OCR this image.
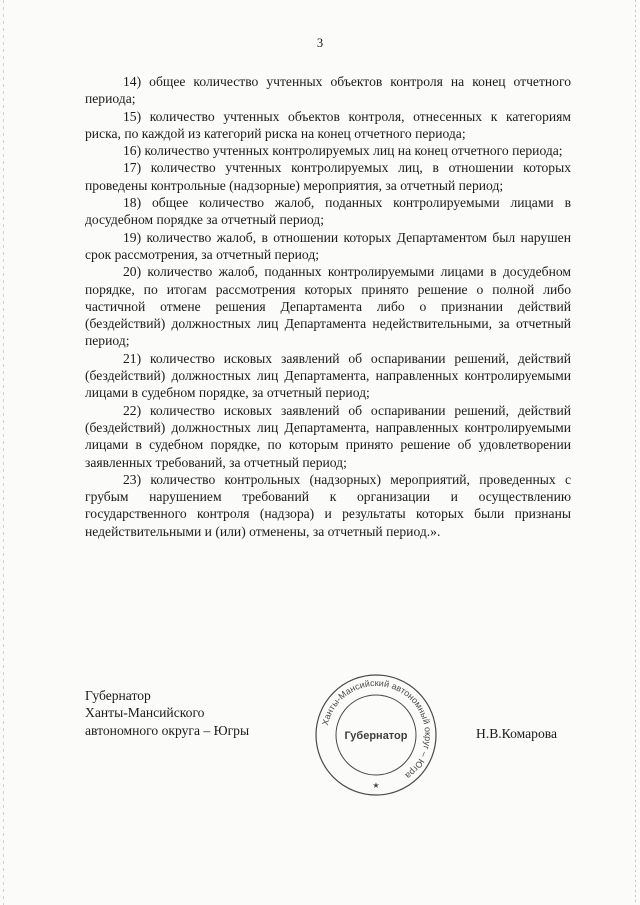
3

14) общее количество учтенных объектов контроля на конец отчетного периода;

15) количество учтенных объектов контроля, отнесенных к категориям риска, по каждой из категорий риска на конец отчетного периода;

16) количество учтенных контролируемых лиц на конец отчетного периода;

17) количество учтенных контролируемых лиц, в отношении которых проведены контрольные (надзорные) мероприятия, за отчетный период;

18) общее количество жалоб, поданных контролируемыми лицами в досудебном порядке за отчетный период;

19) количество жалоб, в отношении которых Департаментом был нарушен срок рассмотрения, за отчетный период;

20) количество жалоб, поданных контролируемыми лицами в досудебном порядке, по итогам рассмотрения которых принято решение о полной либо частичной отмене решения Департамента либо о признании действий (бездействий) должностных лиц Департамента недействительными, за отчетный период;

21) количество исковых заявлений об оспаривании решений, действий (бездействий) должностных лиц Департамента, направленных контролируемыми лицами в судебном порядке, за отчетный период;

22) количество исковых заявлений об оспаривании решений, действий (бездействий) должностных лиц Департамента, направленных контролируемыми лицами в судебном порядке, по которым принято решение об удовлетворении заявленных требований, за отчетный период;

23) количество контрольных (надзорных) мероприятий, проведенных с грубым нарушением требований к организации и осуществлению государственного контроля (надзора) и результаты которых были признаны недействительными и (или) отменены, за отчетный период.».

Губернатор
Ханты-Мансийского
автономного округа – Югры	Н.В.Комарова
Ханты-Мансийский автономный округ – Югра
Губернатор
★
